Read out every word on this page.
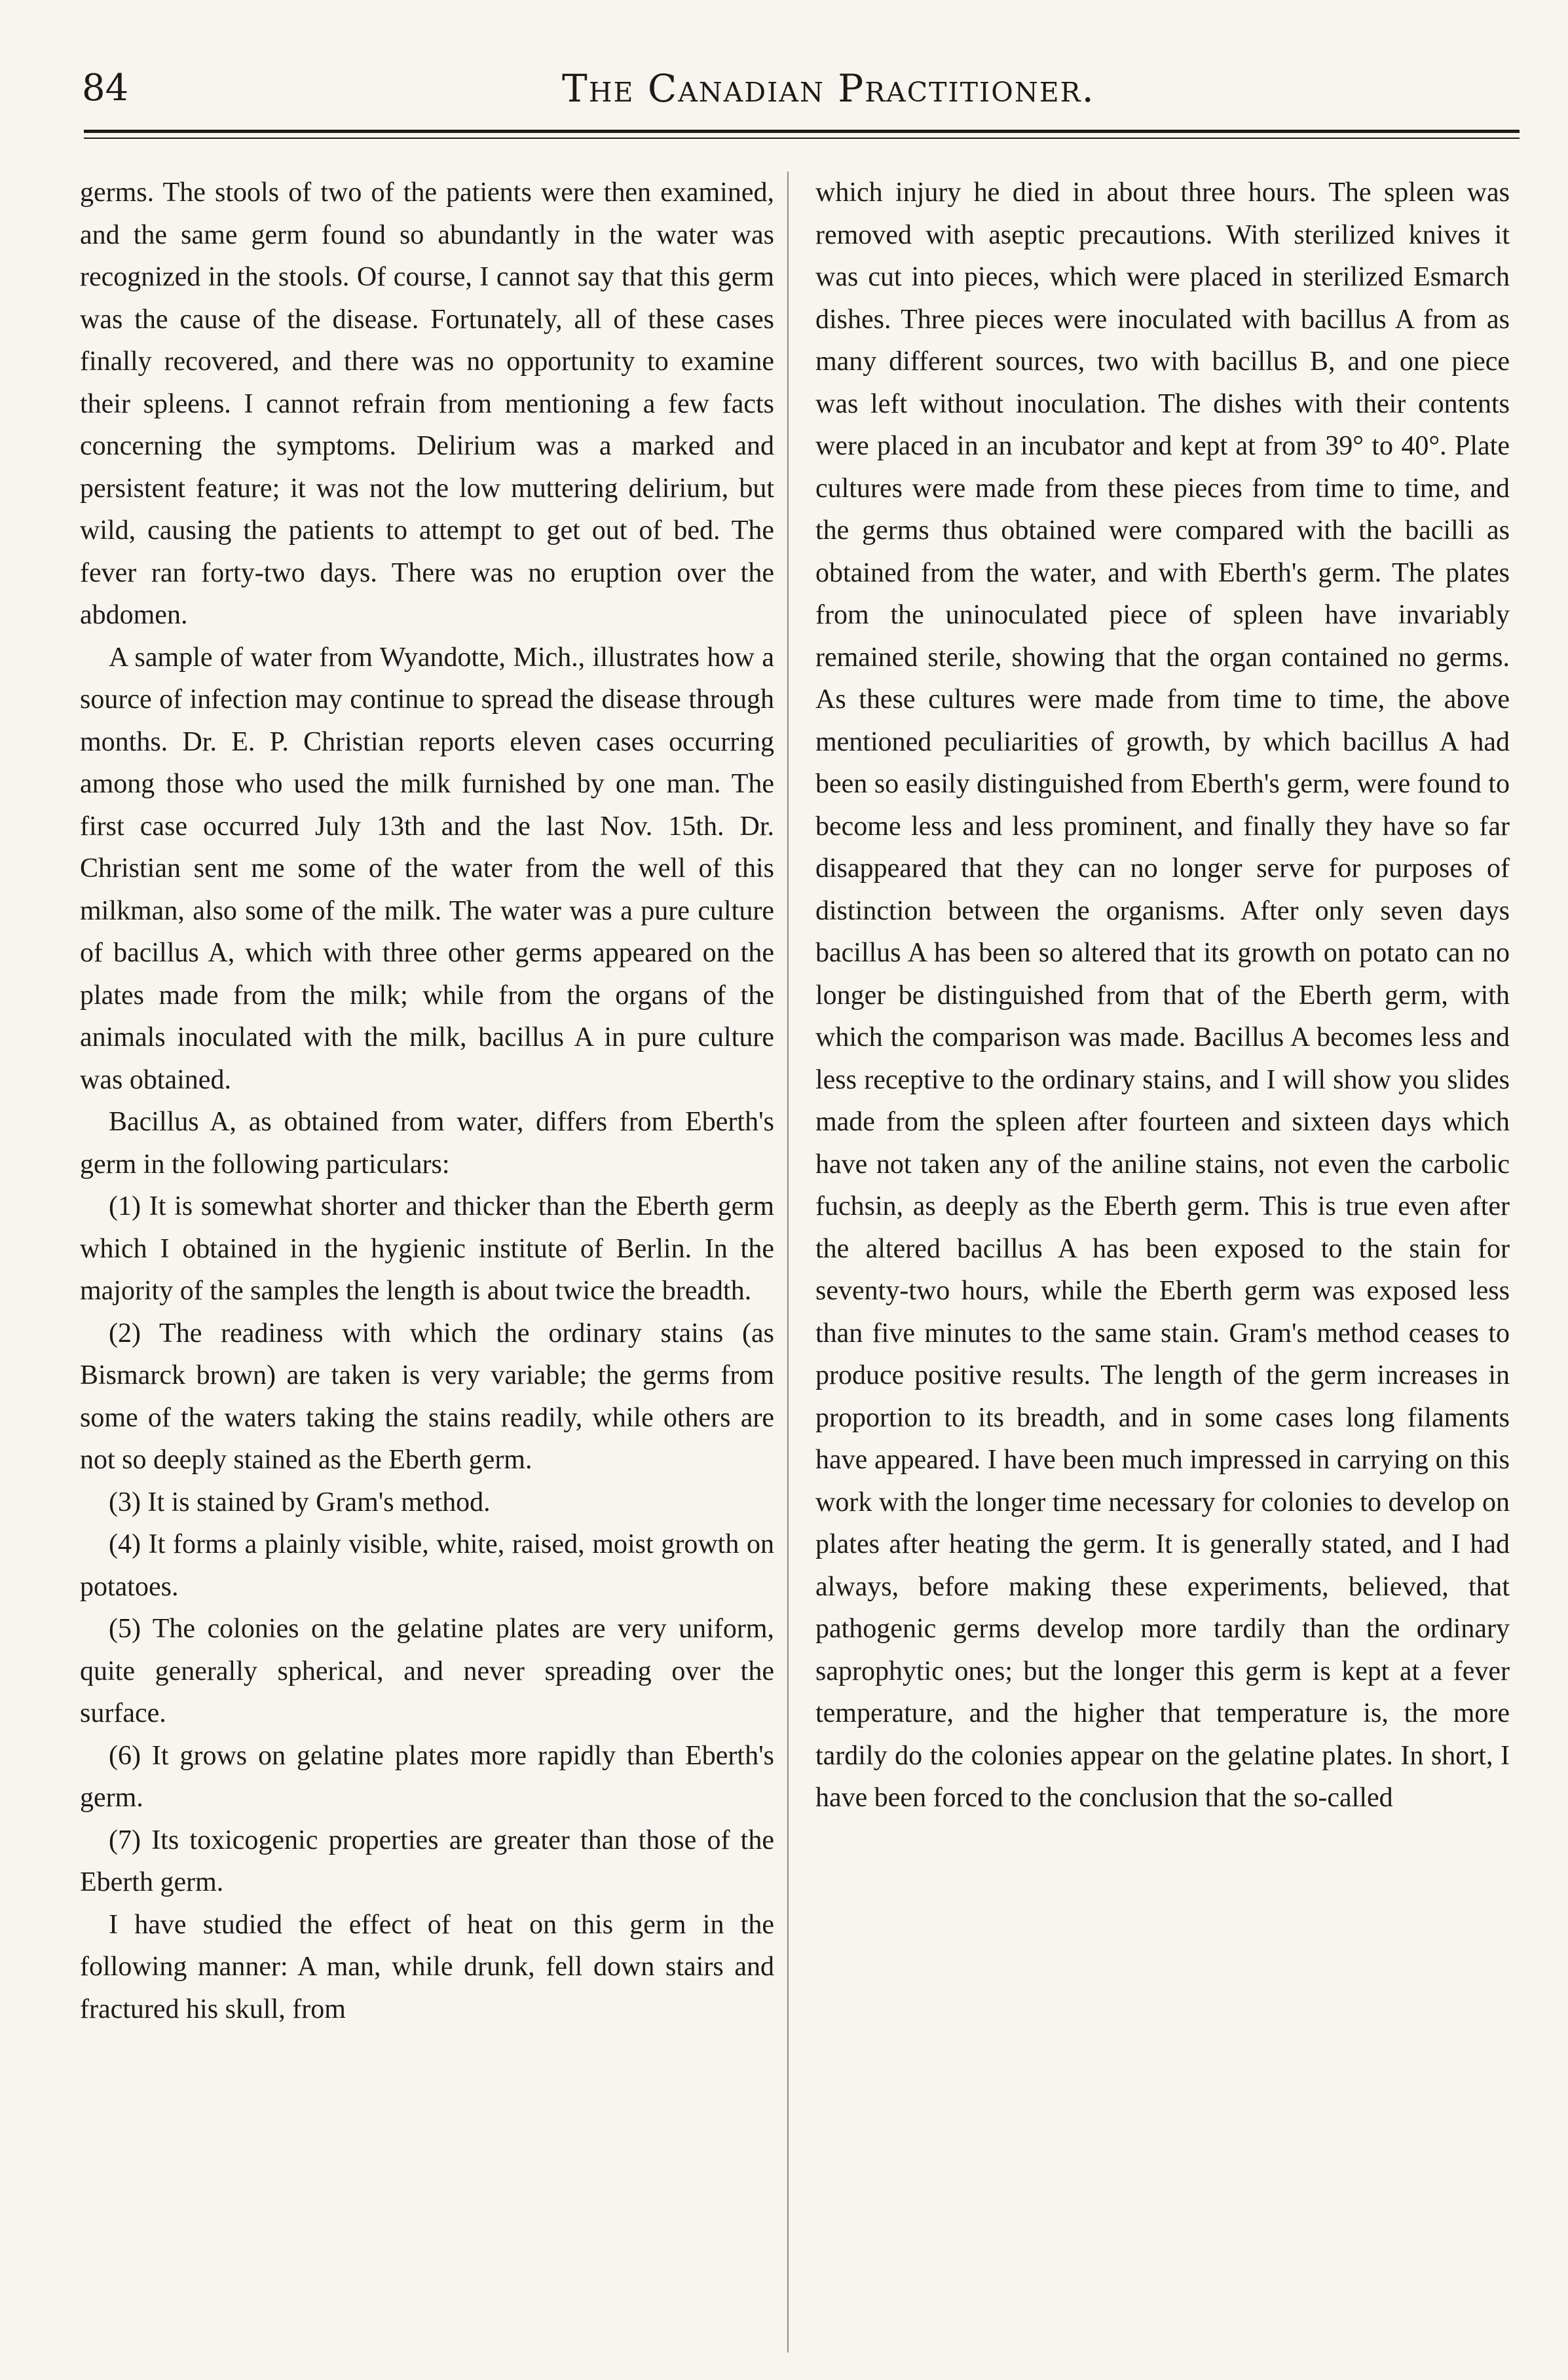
84	The Canadian Practitioner.

germs. The stools of two of the patients were then examined, and the same germ found so abundantly in the water was recognized in the stools. Of course, I cannot say that this germ was the cause of the disease. Fortunately, all of these cases finally recovered, and there was no opportunity to examine their spleens. I cannot refrain from mentioning a few facts concerning the symptoms. Delirium was a marked and persistent feature; it was not the low muttering delirium, but wild, causing the patients to attempt to get out of bed. The fever ran forty-two days. There was no eruption over the abdomen.

A sample of water from Wyandotte, Mich., illustrates how a source of infection may continue to spread the disease through months. Dr. E. P. Christian reports eleven cases occurring among those who used the milk furnished by one man. The first case occurred July 13th and the last Nov. 15th. Dr. Christian sent me some of the water from the well of this milkman, also some of the milk. The water was a pure culture of bacillus A, which with three other germs appeared on the plates made from the milk; while from the organs of the animals inoculated with the milk, bacillus A in pure culture was obtained.

Bacillus A, as obtained from water, differs from Eberth's germ in the following particulars:

(1) It is somewhat shorter and thicker than the Eberth germ which I obtained in the hygienic institute of Berlin. In the majority of the samples the length is about twice the breadth.

(2) The readiness with which the ordinary stains (as Bismarck brown) are taken is very variable; the germs from some of the waters taking the stains readily, while others are not so deeply stained as the Eberth germ.

(3) It is stained by Gram's method.

(4) It forms a plainly visible, white, raised, moist growth on potatoes.

(5) The colonies on the gelatine plates are very uniform, quite generally spherical, and never spreading over the surface.

(6) It grows on gelatine plates more rapidly than Eberth's germ.

(7) Its toxicogenic properties are greater than those of the Eberth germ.

I have studied the effect of heat on this germ in the following manner: A man, while drunk, fell down stairs and fractured his skull, from

which injury he died in about three hours. The spleen was removed with aseptic precautions. With sterilized knives it was cut into pieces, which were placed in sterilized Esmarch dishes. Three pieces were inoculated with bacillus A from as many different sources, two with bacillus B, and one piece was left without inoculation. The dishes with their contents were placed in an incubator and kept at from 39° to 40°. Plate cultures were made from these pieces from time to time, and the germs thus obtained were compared with the bacilli as obtained from the water, and with Eberth's germ. The plates from the uninoculated piece of spleen have invariably remained sterile, showing that the organ contained no germs. As these cultures were made from time to time, the above mentioned peculiarities of growth, by which bacillus A had been so easily distinguished from Eberth's germ, were found to become less and less prominent, and finally they have so far disappeared that they can no longer serve for purposes of distinction between the organisms. After only seven days bacillus A has been so altered that its growth on potato can no longer be distinguished from that of the Eberth germ, with which the comparison was made. Bacillus A becomes less and less receptive to the ordinary stains, and I will show you slides made from the spleen after fourteen and sixteen days which have not taken any of the aniline stains, not even the carbolic fuchsin, as deeply as the Eberth germ. This is true even after the altered bacillus A has been exposed to the stain for seventy-two hours, while the Eberth germ was exposed less than five minutes to the same stain. Gram's method ceases to produce positive results. The length of the germ increases in proportion to its breadth, and in some cases long filaments have appeared. I have been much impressed in carrying on this work with the longer time necessary for colonies to develop on plates after heating the germ. It is generally stated, and I had always, before making these experiments, believed, that pathogenic germs develop more tardily than the ordinary saprophytic ones; but the longer this germ is kept at a fever temperature, and the higher that temperature is, the more tardily do the colonies appear on the gelatine plates. In short, I have been forced to the conclusion that the so-called
